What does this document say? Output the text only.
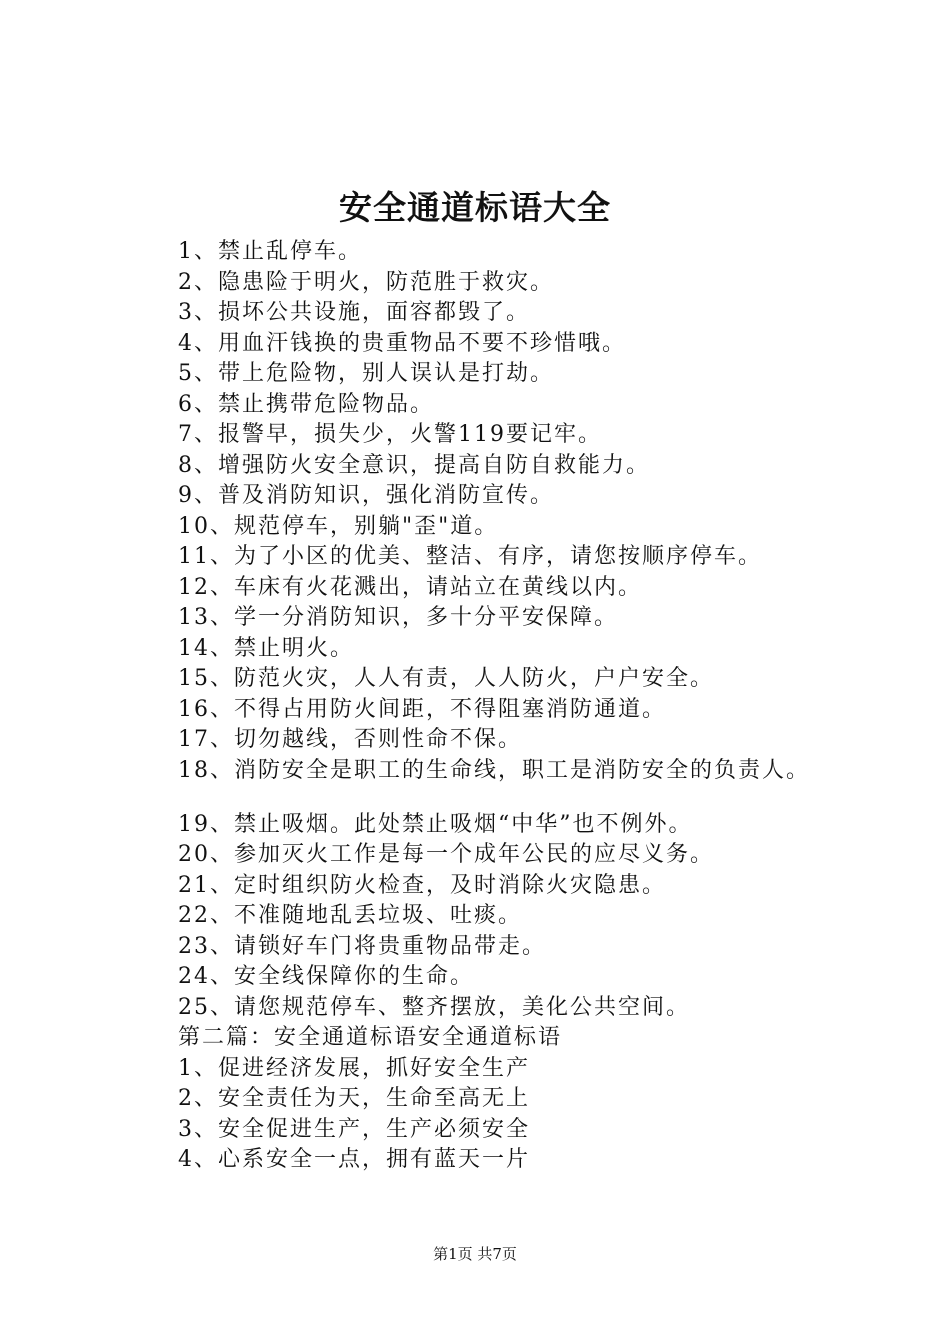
安全通道标语大全
1、禁止乱停车。
2、隐患险于明火，防范胜于救灾。
3、损坏公共设施，面容都毁了。
4、用血汗钱换的贵重物品不要不珍惜哦。
5、带上危险物，别人误认是打劫。
6、禁止携带危险物品。
7、报警早，损失少，火警119要记牢。
8、增强防火安全意识，提高自防自救能力。
9、普及消防知识，强化消防宣传。
10、规范停车，别躺"歪"道。
11、为了小区的优美、整洁、有序，请您按顺序停车。
12、车床有火花溅出，请站立在黄线以内。
13、学一分消防知识，多十分平安保障。
14、禁止明火。
15、防范火灾，人人有责，人人防火，户户安全。
16、不得占用防火间距，不得阻塞消防通道。
17、切勿越线，否则性命不保。
18、消防安全是职工的生命线，职工是消防安全的负责人。
19、禁止吸烟。此处禁止吸烟“中华”也不例外。
20、参加灭火工作是每一个成年公民的应尽义务。
21、定时组织防火检查，及时消除火灾隐患。
22、不准随地乱丢垃圾、吐痰。
23、请锁好车门将贵重物品带走。
24、安全线保障你的生命。
25、请您规范停车、整齐摆放，美化公共空间。
第二篇：安全通道标语安全通道标语
1、促进经济发展，抓好安全生产
2、安全责任为天，生命至高无上
3、安全促进生产，生产必须安全
4、心系安全一点，拥有蓝天一片
第1页 共7页
